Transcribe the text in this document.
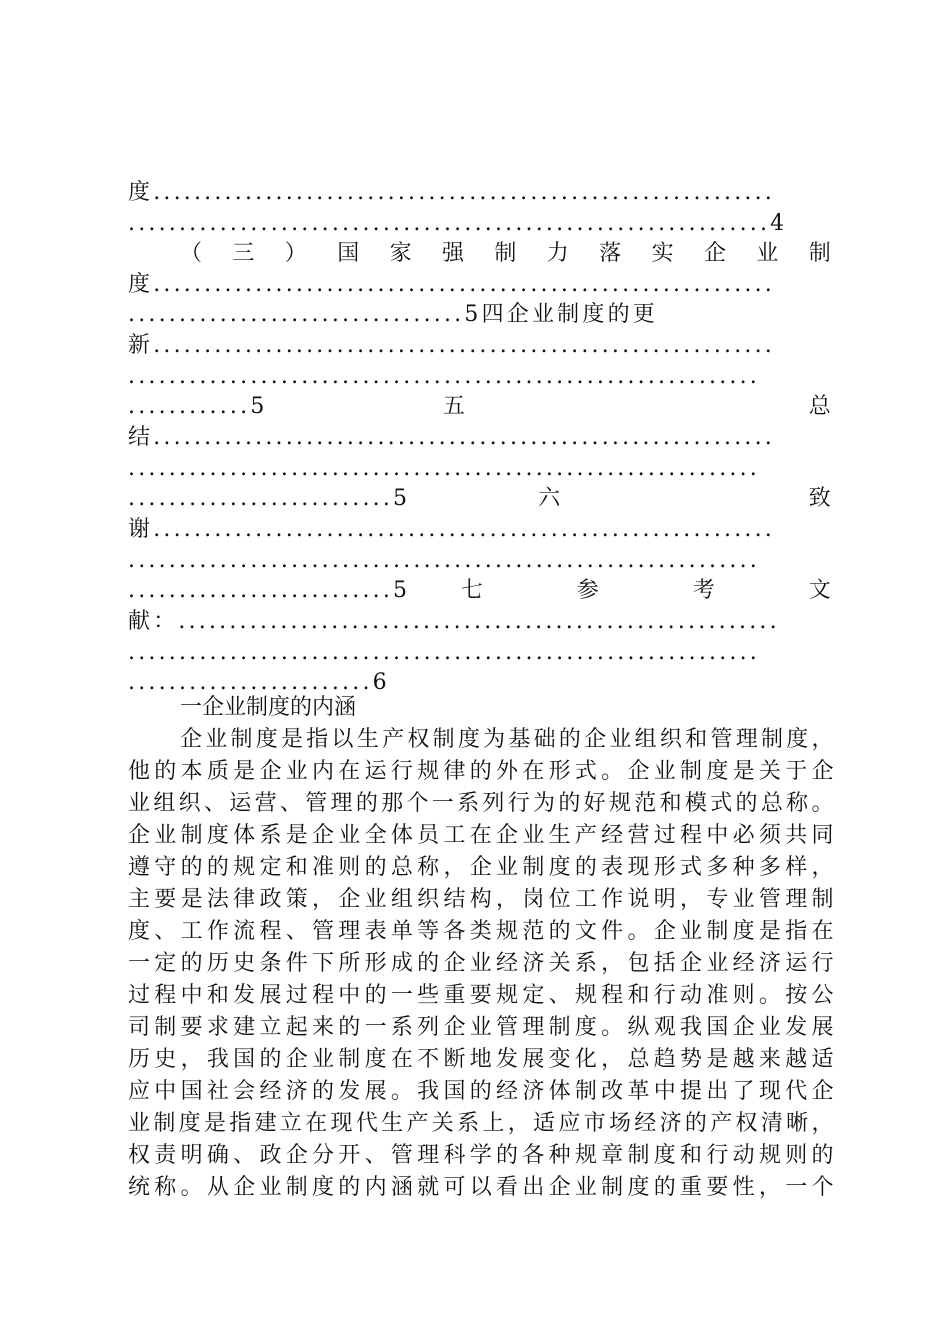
度.............................................................
...............................................................4
（三）国家强制力落实企业制
度.............................................................
.................................5四企业制度的更
新.............................................................
..............................................................
............5 五 总
结.............................................................
..............................................................
..........................5 六 致
谢.............................................................
..............................................................
..........................5 七 参 考 文
献：...........................................................
..............................................................
........................6
一企业制度的内涵
企业制度是指以生产权制度为基础的企业组织和管理制度，
他的本质是企业内在运行规律的外在形式。企业制度是关于企
业组织、运营、管理的那个一系列行为的好规范和模式的总称。
企业制度体系是企业全体员工在企业生产经营过程中必须共同
遵守的的规定和准则的总称，企业制度的表现形式多种多样，
主要是法律政策，企业组织结构，岗位工作说明，专业管理制
度、工作流程、管理表单等各类规范的文件。企业制度是指在
一定的历史条件下所形成的企业经济关系，包括企业经济运行
过程中和发展过程中的一些重要规定、规程和行动准则。按公
司制要求建立起来的一系列企业管理制度。纵观我国企业发展
历史，我国的企业制度在不断地发展变化，总趋势是越来越适
应中国社会经济的发展。我国的经济体制改革中提出了现代企
业制度是指建立在现代生产关系上，适应市场经济的产权清晰，
权责明确、政企分开、管理科学的各种规章制度和行动规则的
统称。从企业制度的内涵就可以看出企业制度的重要性，一个
